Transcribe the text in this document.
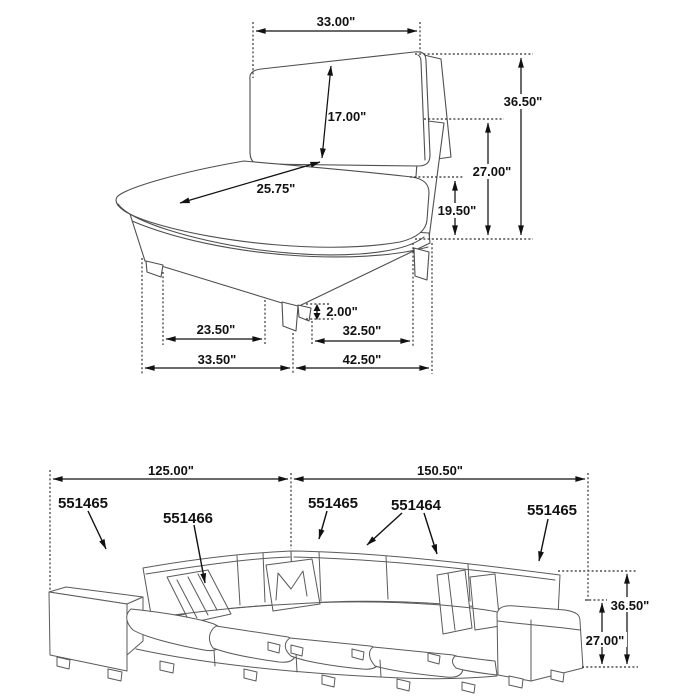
33.00"
17.00"
25.75"
36.50"
27.00"
19.50"
2.00"
23.50"	32.50"
33.50"	42.50"
125.00"	150.50"
36.50"
27.00"
551465
551466
551465 551464	551465
